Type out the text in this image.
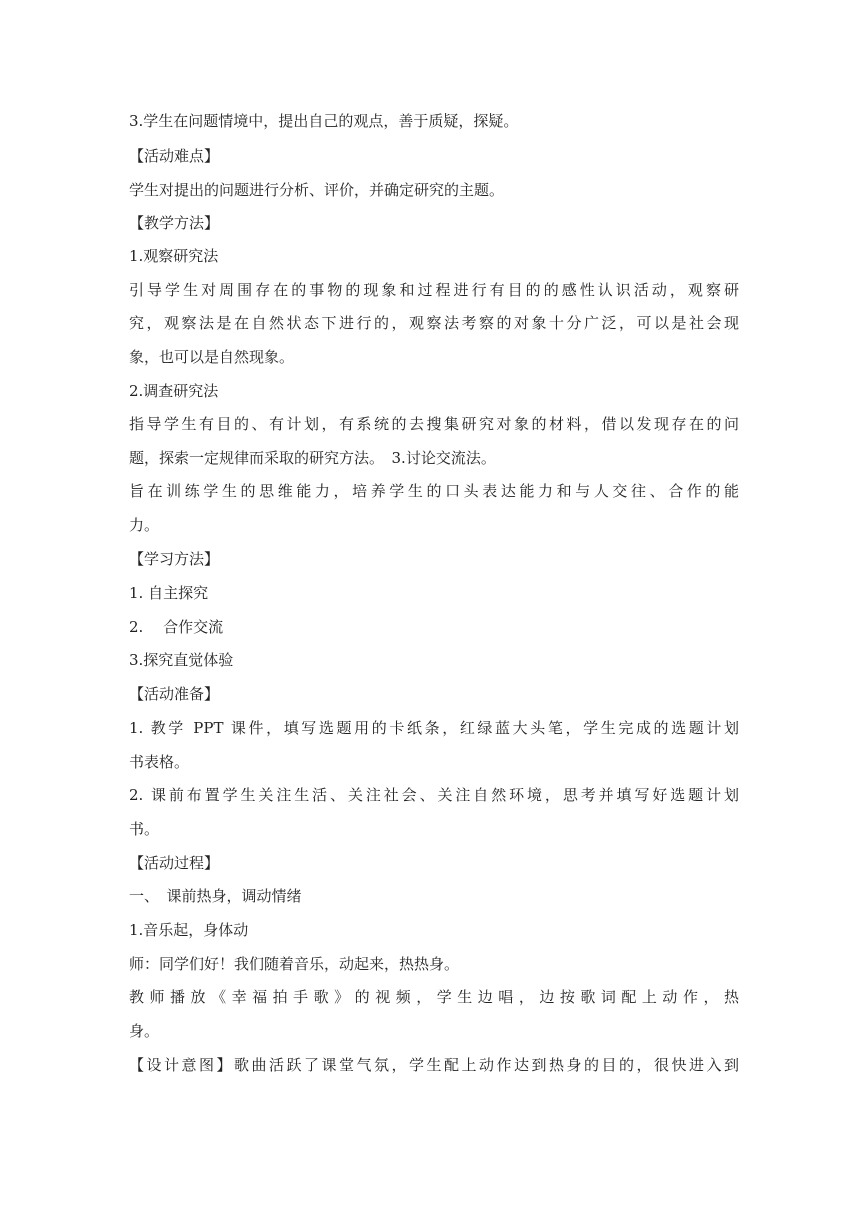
3.学生在问题情境中，提出自己的观点，善于质疑，探疑。
【活动难点】
学生对提出的问题进行分析、评价，并确定研究的主题。
【教学方法】
1.观察研究法
引导学生对周围存在的事物的现象和过程进行有目的的感性认识活动，观察研
究，观察法是在自然状态下进行的，观察法考察的对象十分广泛，可以是社会现
象，也可以是自然现象。
2.调查研究法
指导学生有目的、有计划，有系统的去搜集研究对象的材料，借以发现存在的问
题，探索一定规律而采取的研究方法。　3.讨论交流法。
旨在训练学生的思维能力，培养学生的口头表达能力和与人交往、合作的能
力。
【学习方法】
1. 自主探究
2.　 合作交流
3.探究直觉体验
【活动准备】
1. 教学 PPT 课件，填写选题用的卡纸条，红绿蓝大头笔，学生完成的选题计划
书表格。
2. 课前布置学生关注生活、关注社会、关注自然环境，思考并填写好选题计划
书。
【活动过程】
一、　课前热身，调动情绪
1.音乐起，身体动
师：同学们好！我们随着音乐，动起来，热热身。
教师播放《幸福拍手歌》的视频，学生边唱，边按歌词配上动作，热
身。
【设计意图】歌曲活跃了课堂气氛，学生配上动作达到热身的目的，很快进入到
